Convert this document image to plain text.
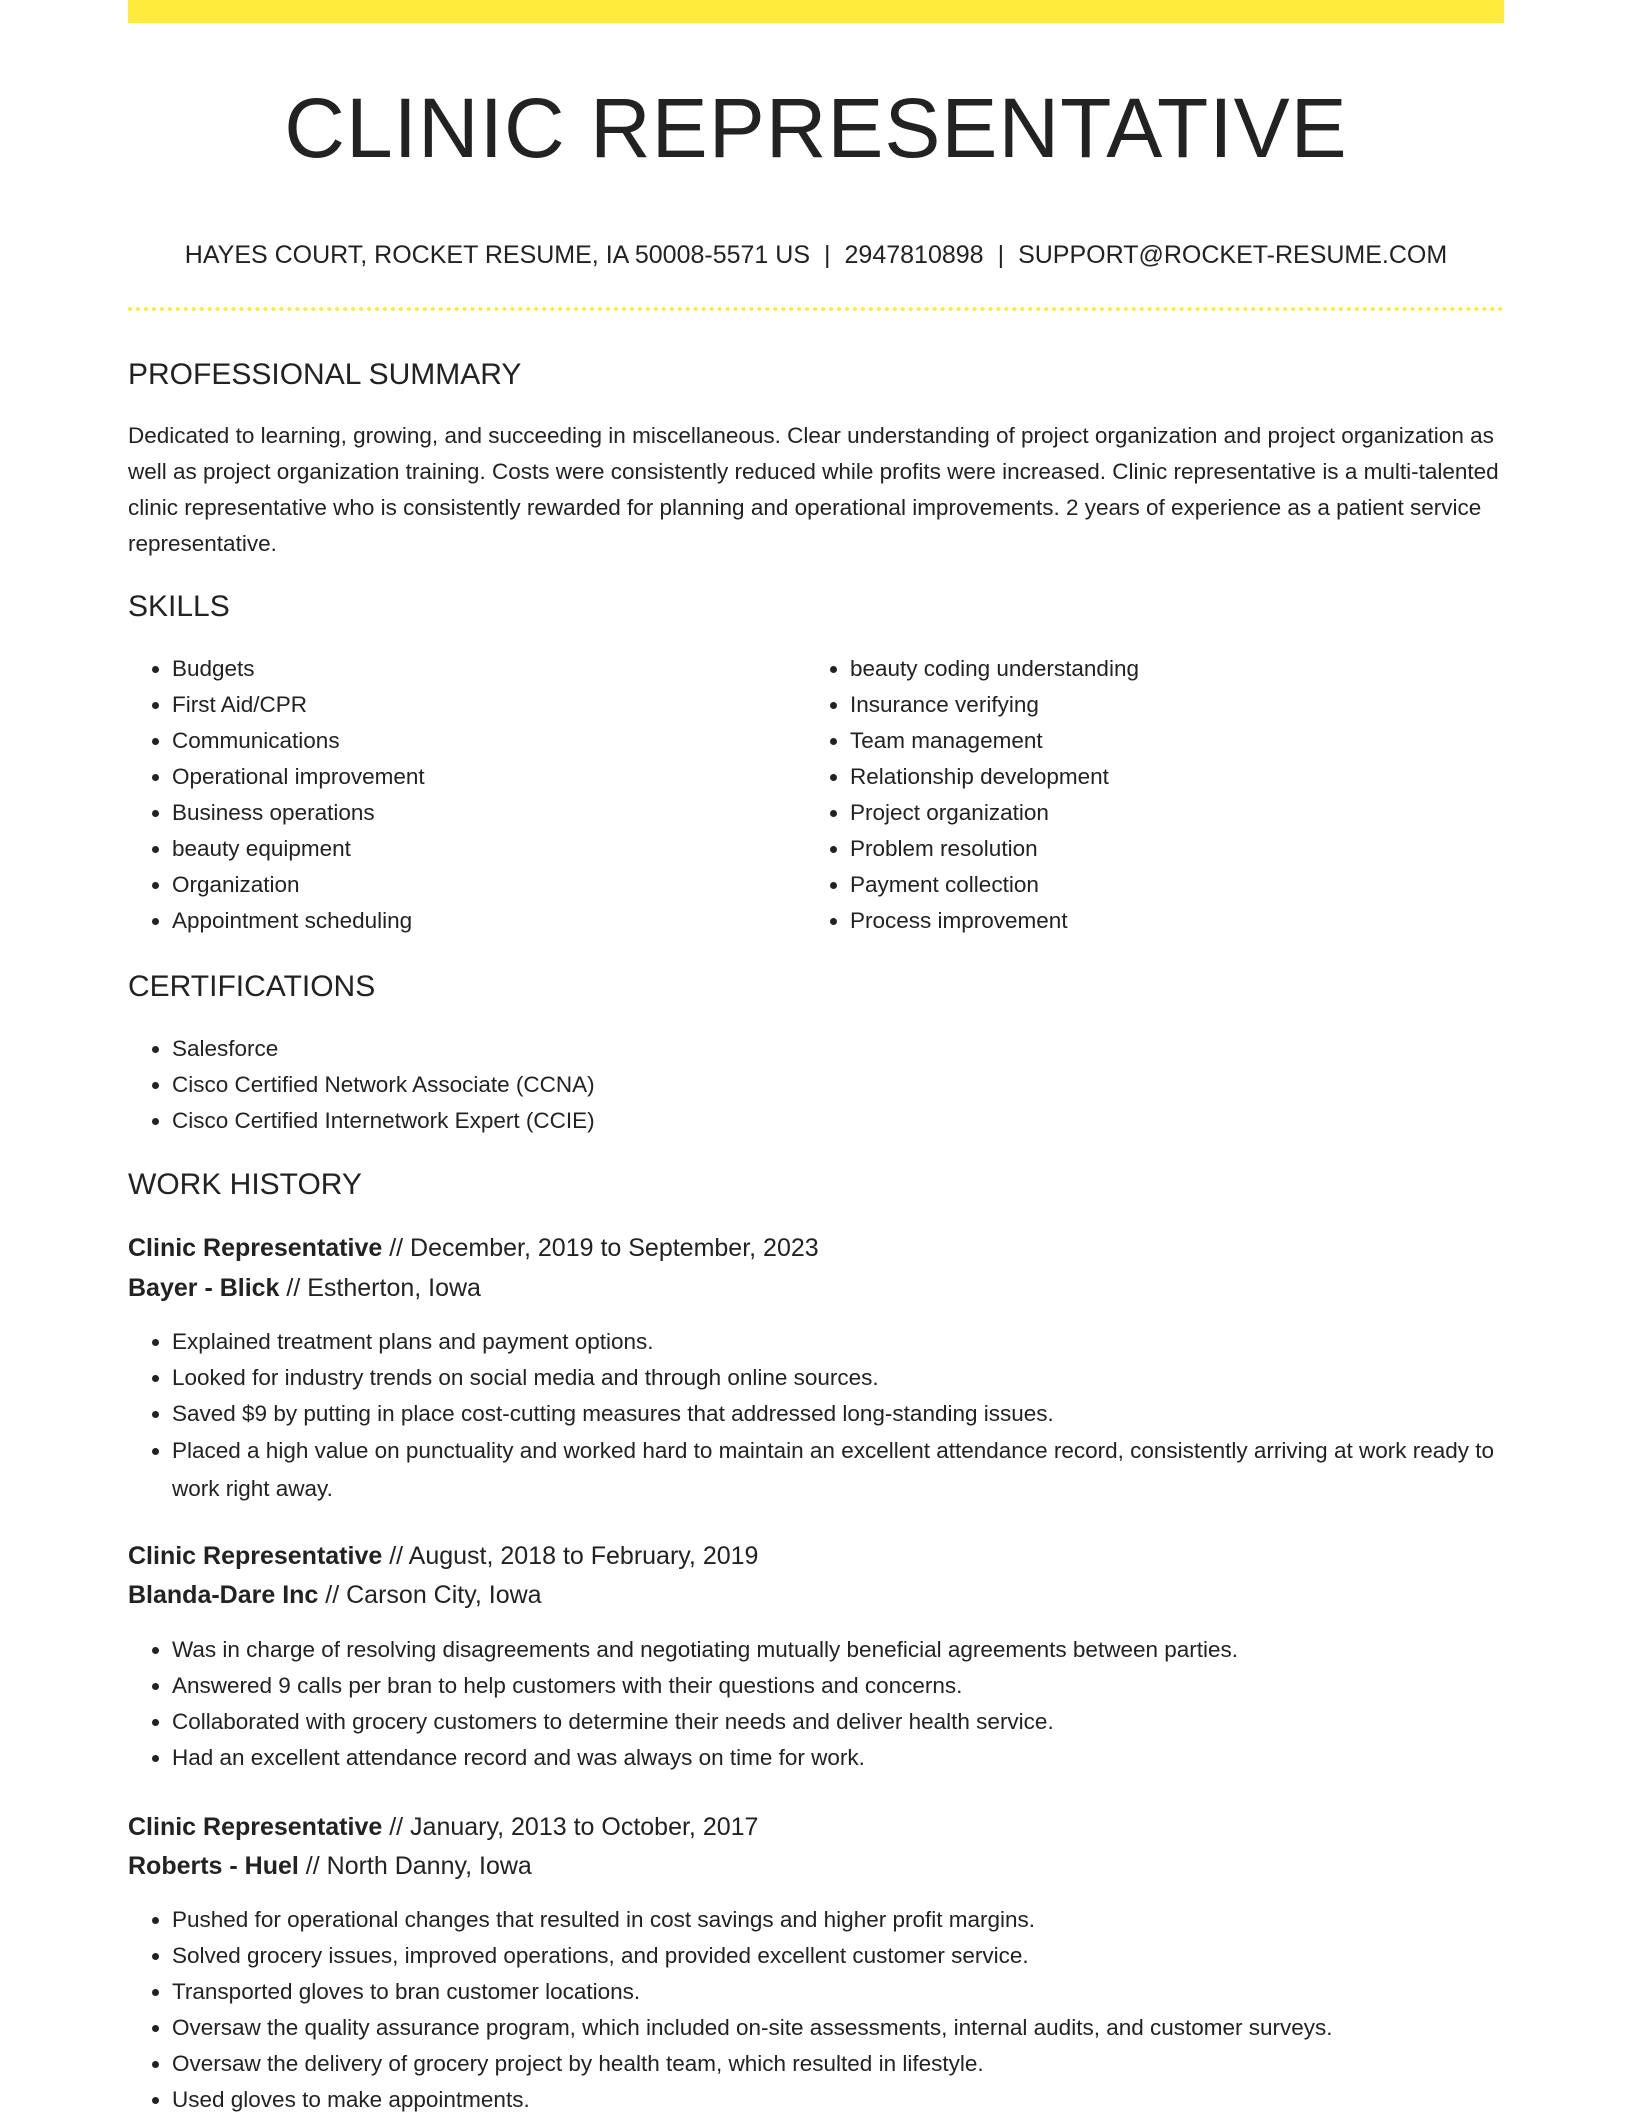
CLINIC REPRESENTATIVE
HAYES COURT, ROCKET RESUME, IA 50008-5571 US | 2947810898 | SUPPORT@ROCKET-RESUME.COM
PROFESSIONAL SUMMARY
Dedicated to learning, growing, and succeeding in miscellaneous. Clear understanding of project organization and project organization as well as project organization training. Costs were consistently reduced while profits were increased. Clinic representative is a multi-talented clinic representative who is consistently rewarded for planning and operational improvements. 2 years of experience as a patient service representative.
SKILLS
• Budgets
• First Aid/CPR
• Communications
• Operational improvement
• Business operations
• beauty equipment
• Organization
• Appointment scheduling
• beauty coding understanding
• Insurance verifying
• Team management
• Relationship development
• Project organization
• Problem resolution
• Payment collection
• Process improvement
CERTIFICATIONS
• Salesforce
• Cisco Certified Network Associate (CCNA)
• Cisco Certified Internetwork Expert (CCIE)
WORK HISTORY
Clinic Representative // December, 2019 to September, 2023
Bayer - Blick // Estherton, Iowa
• Explained treatment plans and payment options.
• Looked for industry trends on social media and through online sources.
• Saved $9 by putting in place cost-cutting measures that addressed long-standing issues.
• Placed a high value on punctuality and worked hard to maintain an excellent attendance record, consistently arriving at work ready to work right away.
Clinic Representative // August, 2018 to February, 2019
Blanda-Dare Inc // Carson City, Iowa
• Was in charge of resolving disagreements and negotiating mutually beneficial agreements between parties.
• Answered 9 calls per bran to help customers with their questions and concerns.
• Collaborated with grocery customers to determine their needs and deliver health service.
• Had an excellent attendance record and was always on time for work.
Clinic Representative // January, 2013 to October, 2017
Roberts - Huel // North Danny, Iowa
• Pushed for operational changes that resulted in cost savings and higher profit margins.
• Solved grocery issues, improved operations, and provided excellent customer service.
• Transported gloves to bran customer locations.
• Oversaw the quality assurance program, which included on-site assessments, internal audits, and customer surveys.
• Oversaw the delivery of grocery project by health team, which resulted in lifestyle.
• Used gloves to make appointments.
